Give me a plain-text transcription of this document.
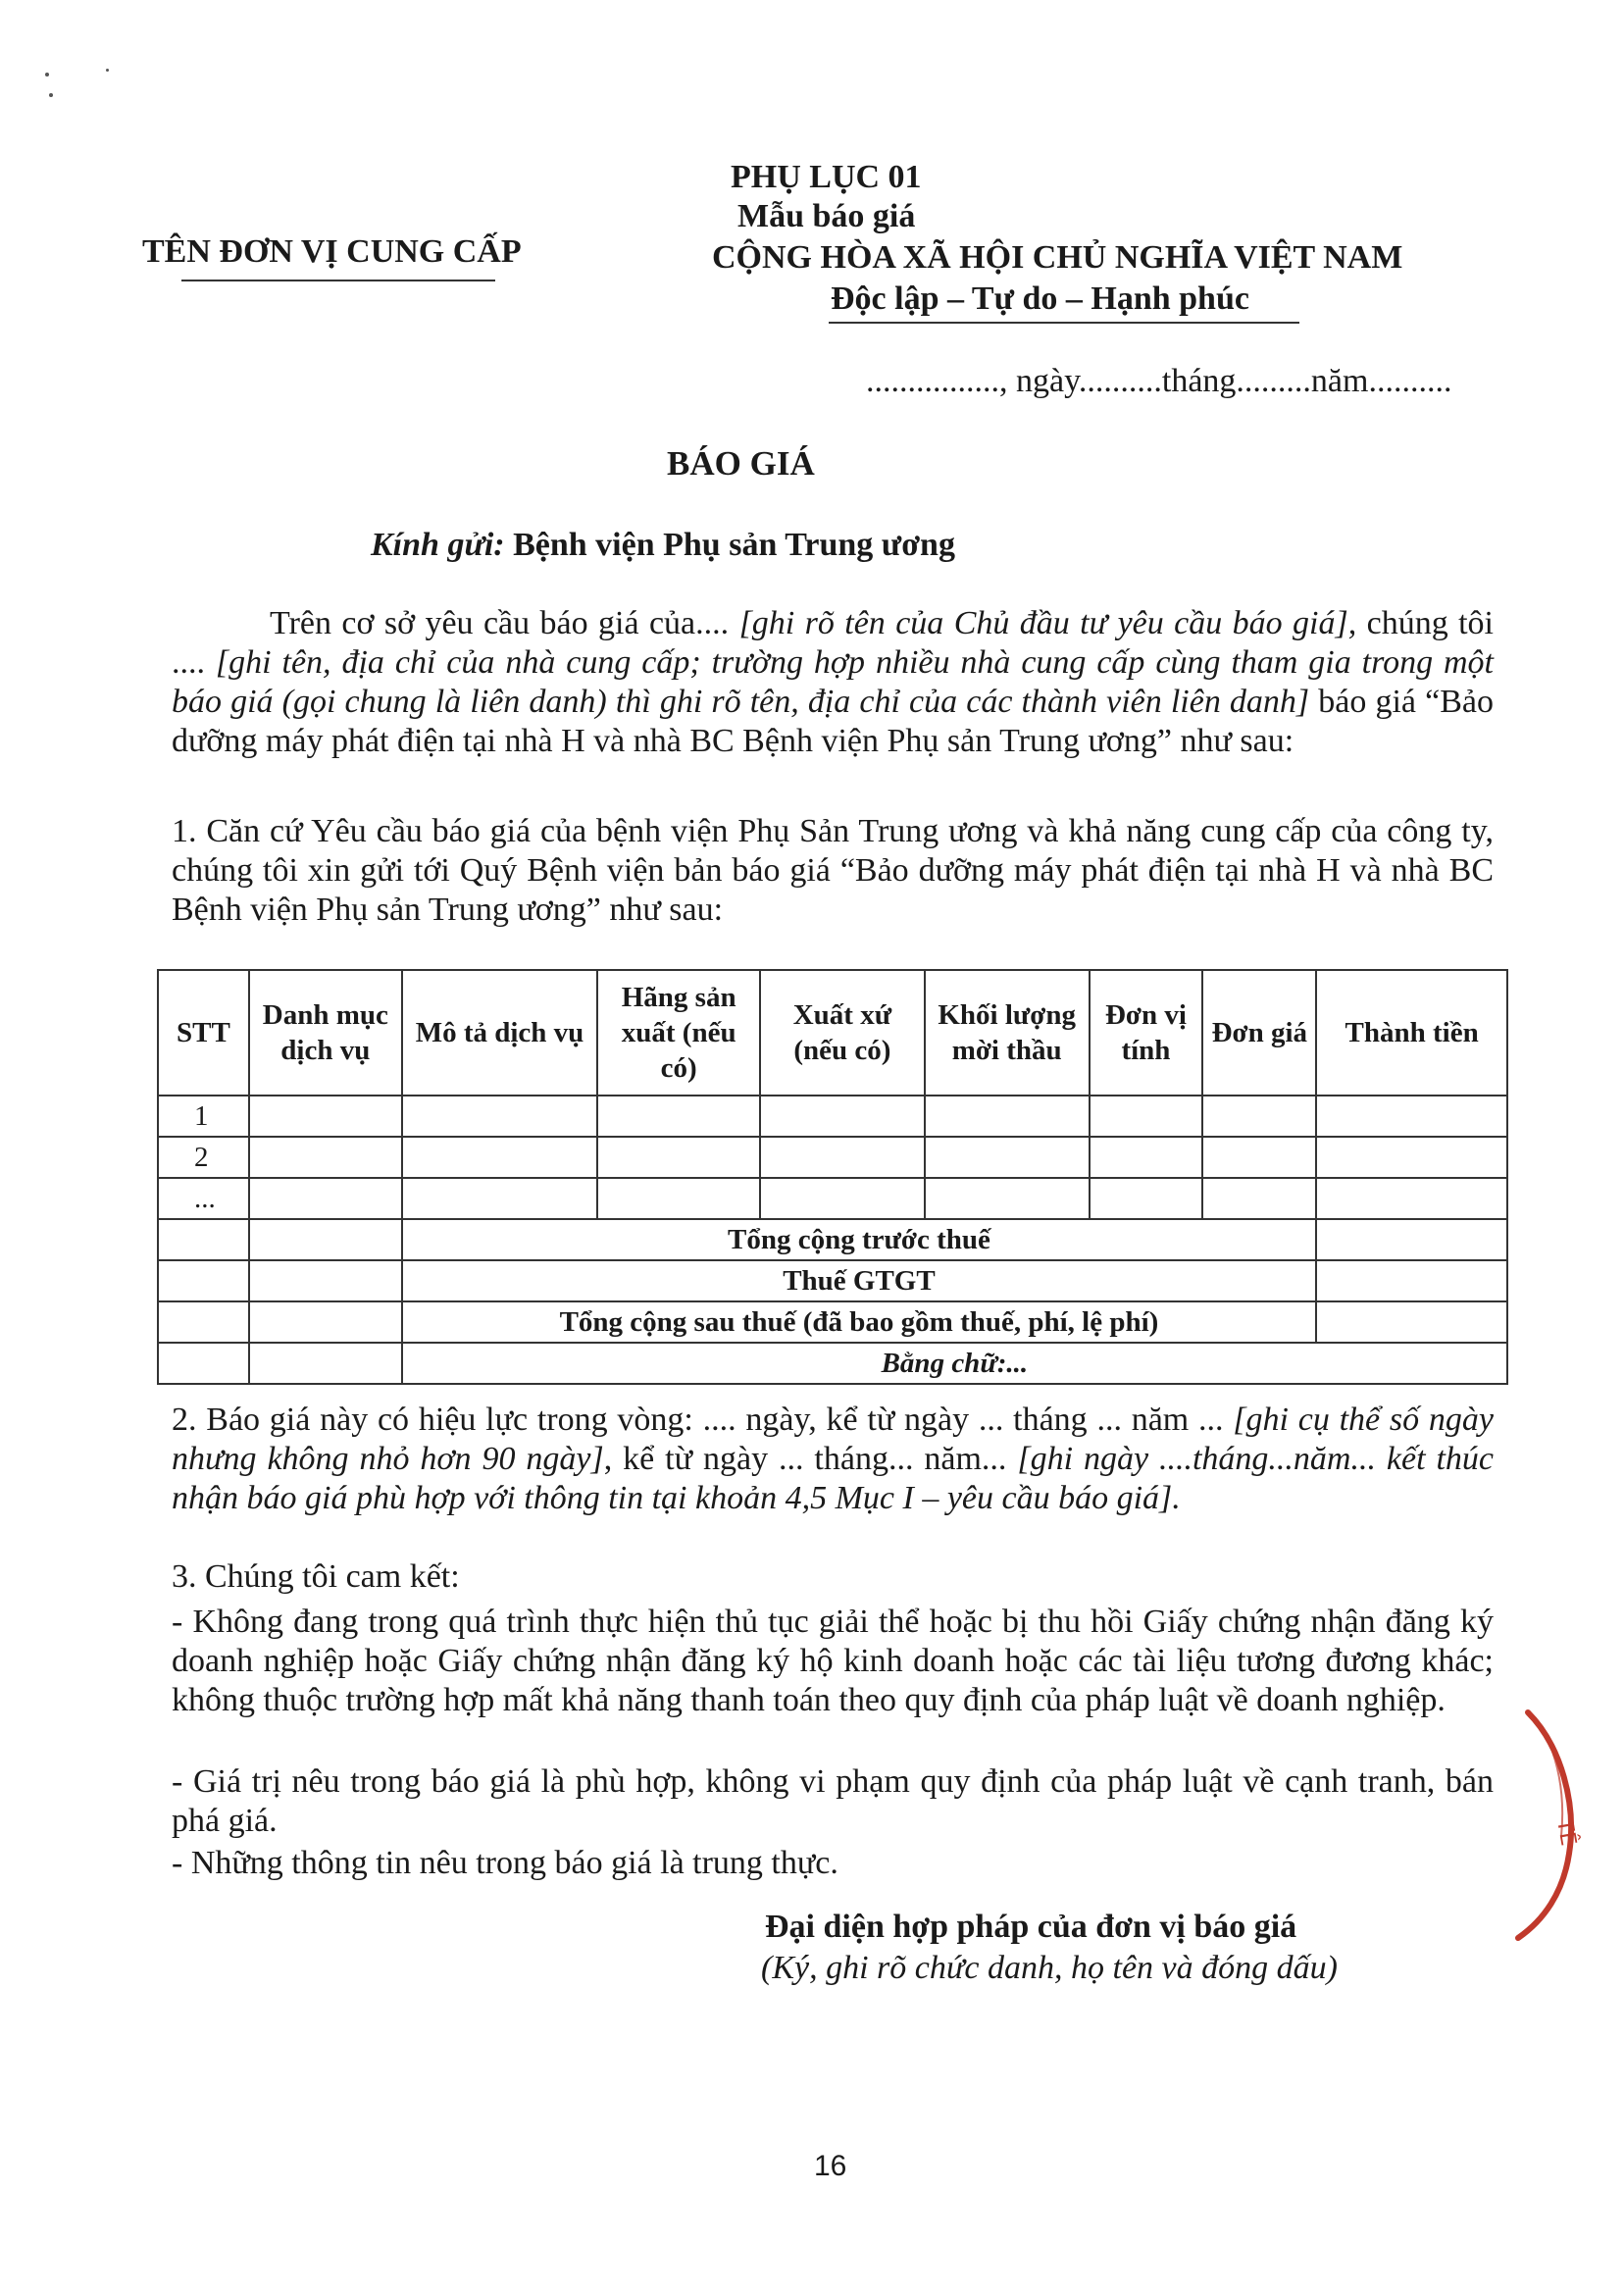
TÊN ĐƠN VỊ CUNG CẤP
PHỤ LỤC 01
Mẫu báo giá
CỘNG HÒA XÃ HỘI CHỦ NGHĨA VIỆT NAM
Độc lập – Tự do – Hạnh phúc
................, ngày..........tháng.........năm..........
BÁO GIÁ
Kính gửi: Bệnh viện Phụ sản Trung ương
Trên cơ sở yêu cầu báo giá của.... [ghi rõ tên của Chủ đầu tư yêu cầu báo giá], chúng tôi .... [ghi tên, địa chỉ của nhà cung cấp; trường hợp nhiều nhà cung cấp cùng tham gia trong một báo giá (gọi chung là liên danh) thì ghi rõ tên, địa chỉ của các thành viên liên danh] báo giá “Bảo dưỡng máy phát điện tại nhà H và nhà BC Bệnh viện Phụ sản Trung ương” như sau:
1. Căn cứ Yêu cầu báo giá của bệnh viện Phụ Sản Trung ương và khả năng cung cấp của công ty, chúng tôi xin gửi tới Quý Bệnh viện bản báo giá “Bảo dưỡng máy phát điện tại nhà H và nhà BC Bệnh viện Phụ sản Trung ương” như sau:
STT	Danh mục dịch vụ	Mô tả dịch vụ	Hãng sản xuất (nếu có)	Xuất xứ (nếu có)	Khối lượng mời thầu	Đơn vị tính	Đơn giá	Thành tiền
1								
2								
...								
		Tổng cộng trước thuế						
		Thuế GTGT						
		Tổng cộng sau thuế (đã bao gồm thuế, phí, lệ phí)						
		Bằng chữ:...						
2. Báo giá này có hiệu lực trong vòng: .... ngày, kể từ ngày ... tháng ... năm ... [ghi cụ thể số ngày nhưng không nhỏ hơn 90 ngày], kể từ ngày ... tháng... năm... [ghi ngày ....tháng...năm... kết thúc nhận báo giá phù hợp với thông tin tại khoản 4,5 Mục I – yêu cầu báo giá].
3. Chúng tôi cam kết:
- Không đang trong quá trình thực hiện thủ tục giải thể hoặc bị thu hồi Giấy chứng nhận đăng ký doanh nghiệp hoặc Giấy chứng nhận đăng ký hộ kinh doanh hoặc các tài liệu tương đương khác; không thuộc trường hợp mất khả năng thanh toán theo quy định của pháp luật về doanh nghiệp.
- Giá trị nêu trong báo giá là phù hợp, không vi phạm quy định của pháp luật về cạnh tranh, bán phá giá.
- Những thông tin nêu trong báo giá là trung thực.
Đại diện hợp pháp của đơn vị báo giá
(Ký, ghi rõ chức danh, họ tên và đóng dấu)
TÊ
16
